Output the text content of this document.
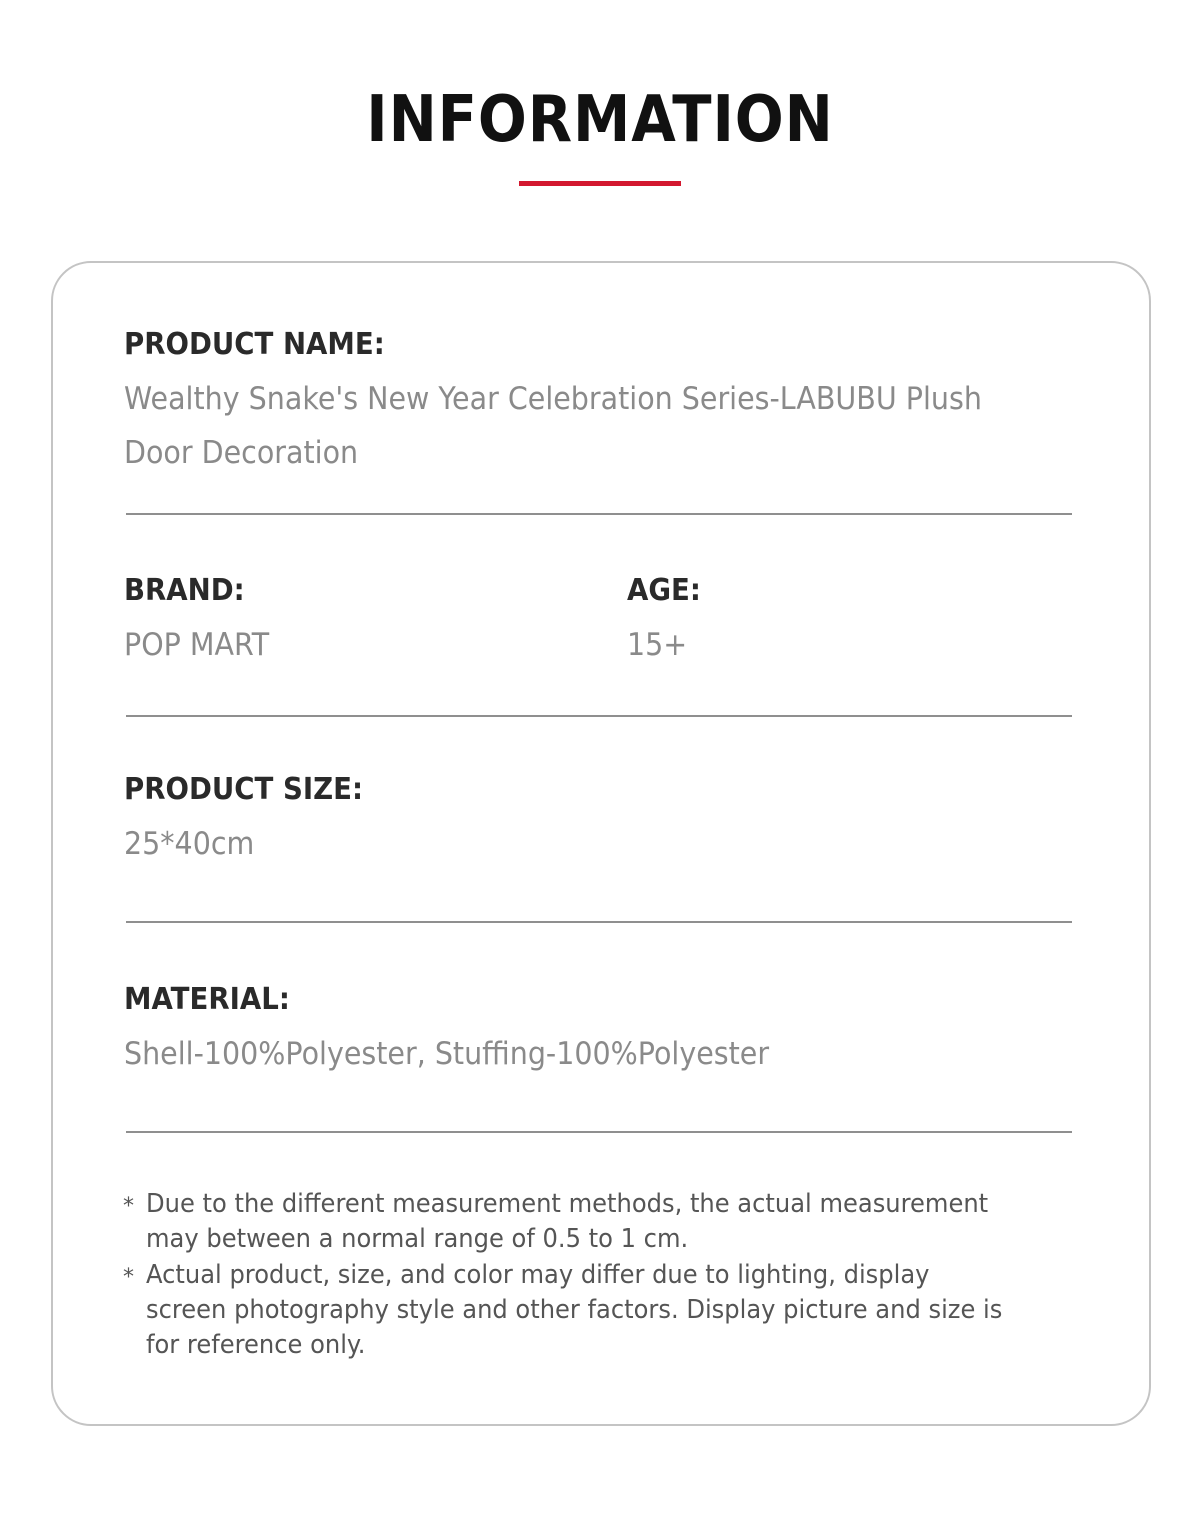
INFORMATION
PRODUCT NAME:
Wealthy Snake's New Year Celebration Series-LABUBU Plush
Door Decoration
BRAND:
POP MART
AGE:
15+
PRODUCT SIZE:
25*40cm
MATERIAL:
Shell-100%Polyester, Stuffing-100%Polyester
* Due to the different measurement methods, the actual measurement
may between a normal range of 0.5 to 1 cm.
* Actual product, size, and color may differ due to lighting, display
screen photography style and other factors. Display picture and size is
for reference only.
